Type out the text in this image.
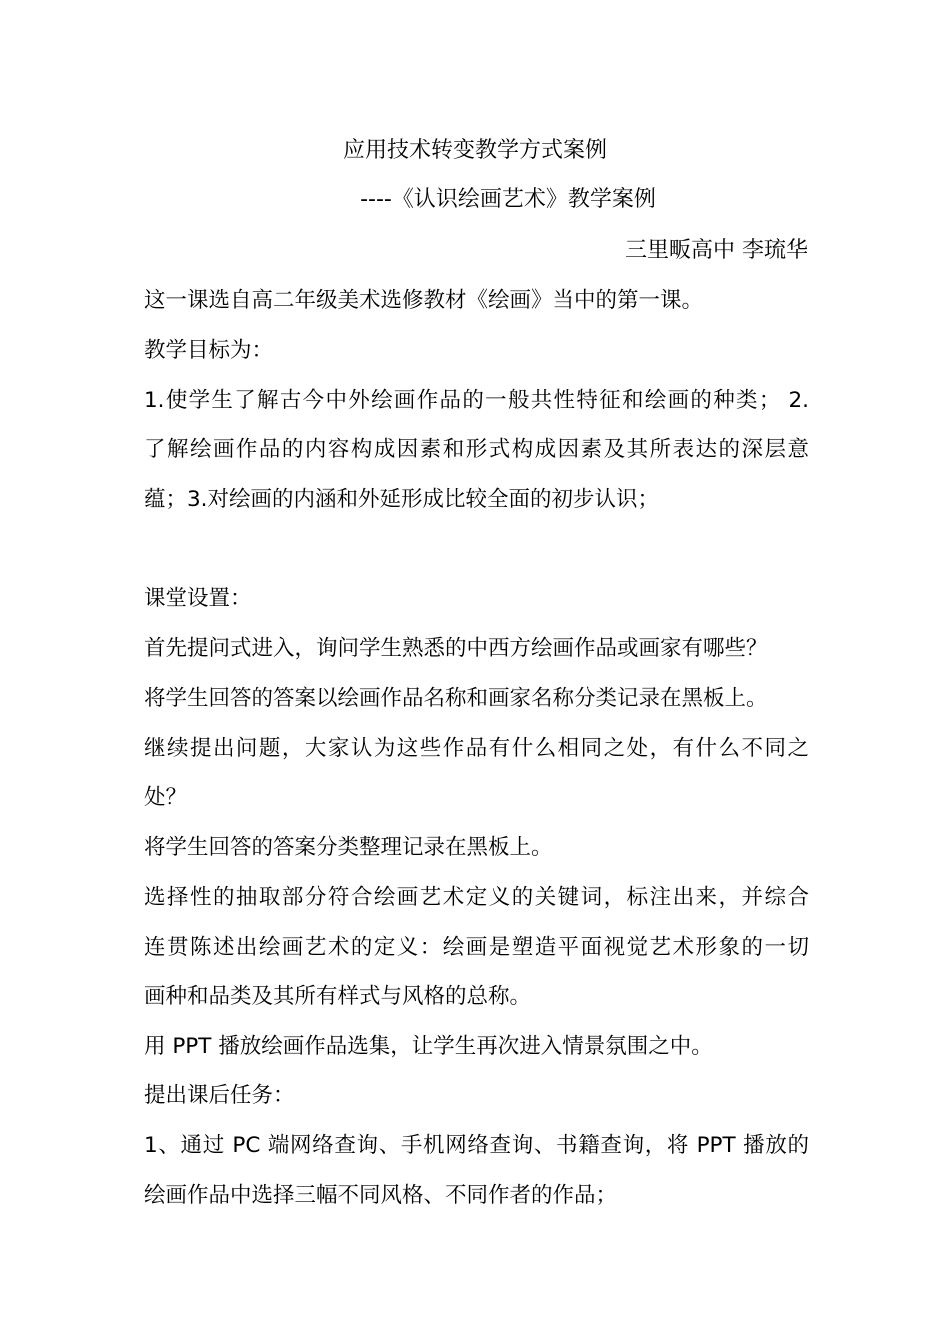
应用技术转变教学方式案例
----《认识绘画艺术》教学案例
三里畈高中 李琉华
这一课选自高二年级美术选修教材《绘画》当中的第一课。
教学目标为：
1.使学生了解古今中外绘画作品的一般共性特征和绘画的种类； 2.
了解绘画作品的内容构成因素和形式构成因素及其所表达的深层意
蕴；3.对绘画的内涵和外延形成比较全面的初步认识；
课堂设置：
首先提问式进入，询问学生熟悉的中西方绘画作品或画家有哪些？
将学生回答的答案以绘画作品名称和画家名称分类记录在黑板上。
继续提出问题，大家认为这些作品有什么相同之处，有什么不同之
处？
将学生回答的答案分类整理记录在黑板上。
选择性的抽取部分符合绘画艺术定义的关键词，标注出来，并综合
连贯陈述出绘画艺术的定义：绘画是塑造平面视觉艺术形象的一切
画种和品类及其所有样式与风格的总称。
用 PPT 播放绘画作品选集，让学生再次进入情景氛围之中。
提出课后任务：
1、通过 PC 端网络查询、手机网络查询、书籍查询，将 PPT 播放的
绘画作品中选择三幅不同风格、不同作者的作品；
